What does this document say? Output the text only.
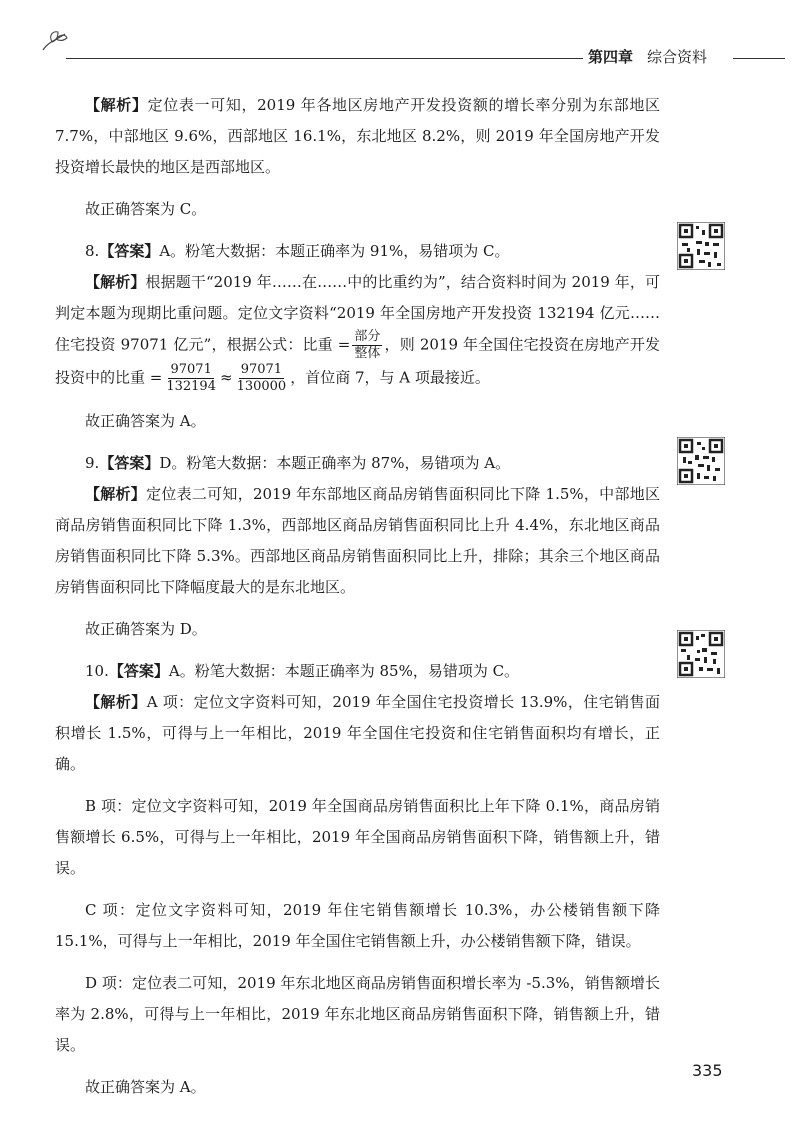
第四章 综合资料

【解析】定位表一可知，2019 年各地区房地产开发投资额的增长率分别为东部地区 7.7%，中部地区 9.6%，西部地区 16.1%，东北地区 8.2%，则 2019 年全国房地产开发投资增长最快的地区是西部地区。

故正确答案为 C。

8.【答案】A。粉笔大数据：本题正确率为 91%，易错项为 C。

【解析】根据题干“2019 年……在……中的比重约为”，结合资料时间为 2019 年，可判定本题为现期比重问题。定位文字资料“2019 年全国房地产开发投资 132194 亿元……住宅投资 97071 亿元”，根据公式：比重 = $\frac{\text{部分}}{\text{整体}}$ ，则 2019 年全国住宅投资在房地产开发投资中的比重 = $\frac{97071}{132194} \approx \frac{97071}{130000}$ ，首位商 7，与 A 项最接近。

故正确答案为 A。

9.【答案】D。粉笔大数据：本题正确率为 87%，易错项为 A。

【解析】定位表二可知，2019 年东部地区商品房销售面积同比下降 1.5%，中部地区商品房销售面积同比下降 1.3%，西部地区商品房销售面积同比上升 4.4%，东北地区商品房销售面积同比下降 5.3%。西部地区商品房销售面积同比上升，排除；其余三个地区商品房销售面积同比下降幅度最大的是东北地区。

故正确答案为 D。

10.【答案】A。粉笔大数据：本题正确率为 85%，易错项为 C。

【解析】A 项：定位文字资料可知，2019 年全国住宅投资增长 13.9%，住宅销售面积增长 1.5%，可得与上一年相比，2019 年全国住宅投资和住宅销售面积均有增长，正确。

B 项：定位文字资料可知，2019 年全国商品房销售面积比上年下降 0.1%，商品房销售额增长 6.5%，可得与上一年相比，2019 年全国商品房销售面积下降，销售额上升，错误。

C 项：定位文字资料可知，2019 年住宅销售额增长 10.3%，办公楼销售额下降 15.1%，可得与上一年相比，2019 年全国住宅销售额上升，办公楼销售额下降，错误。

D 项：定位表二可知，2019 年东北地区商品房销售面积增长率为 -5.3%，销售额增长率为 2.8%，可得与上一年相比，2019 年东北地区商品房销售面积下降，销售额上升，错误。

故正确答案为 A。

335
